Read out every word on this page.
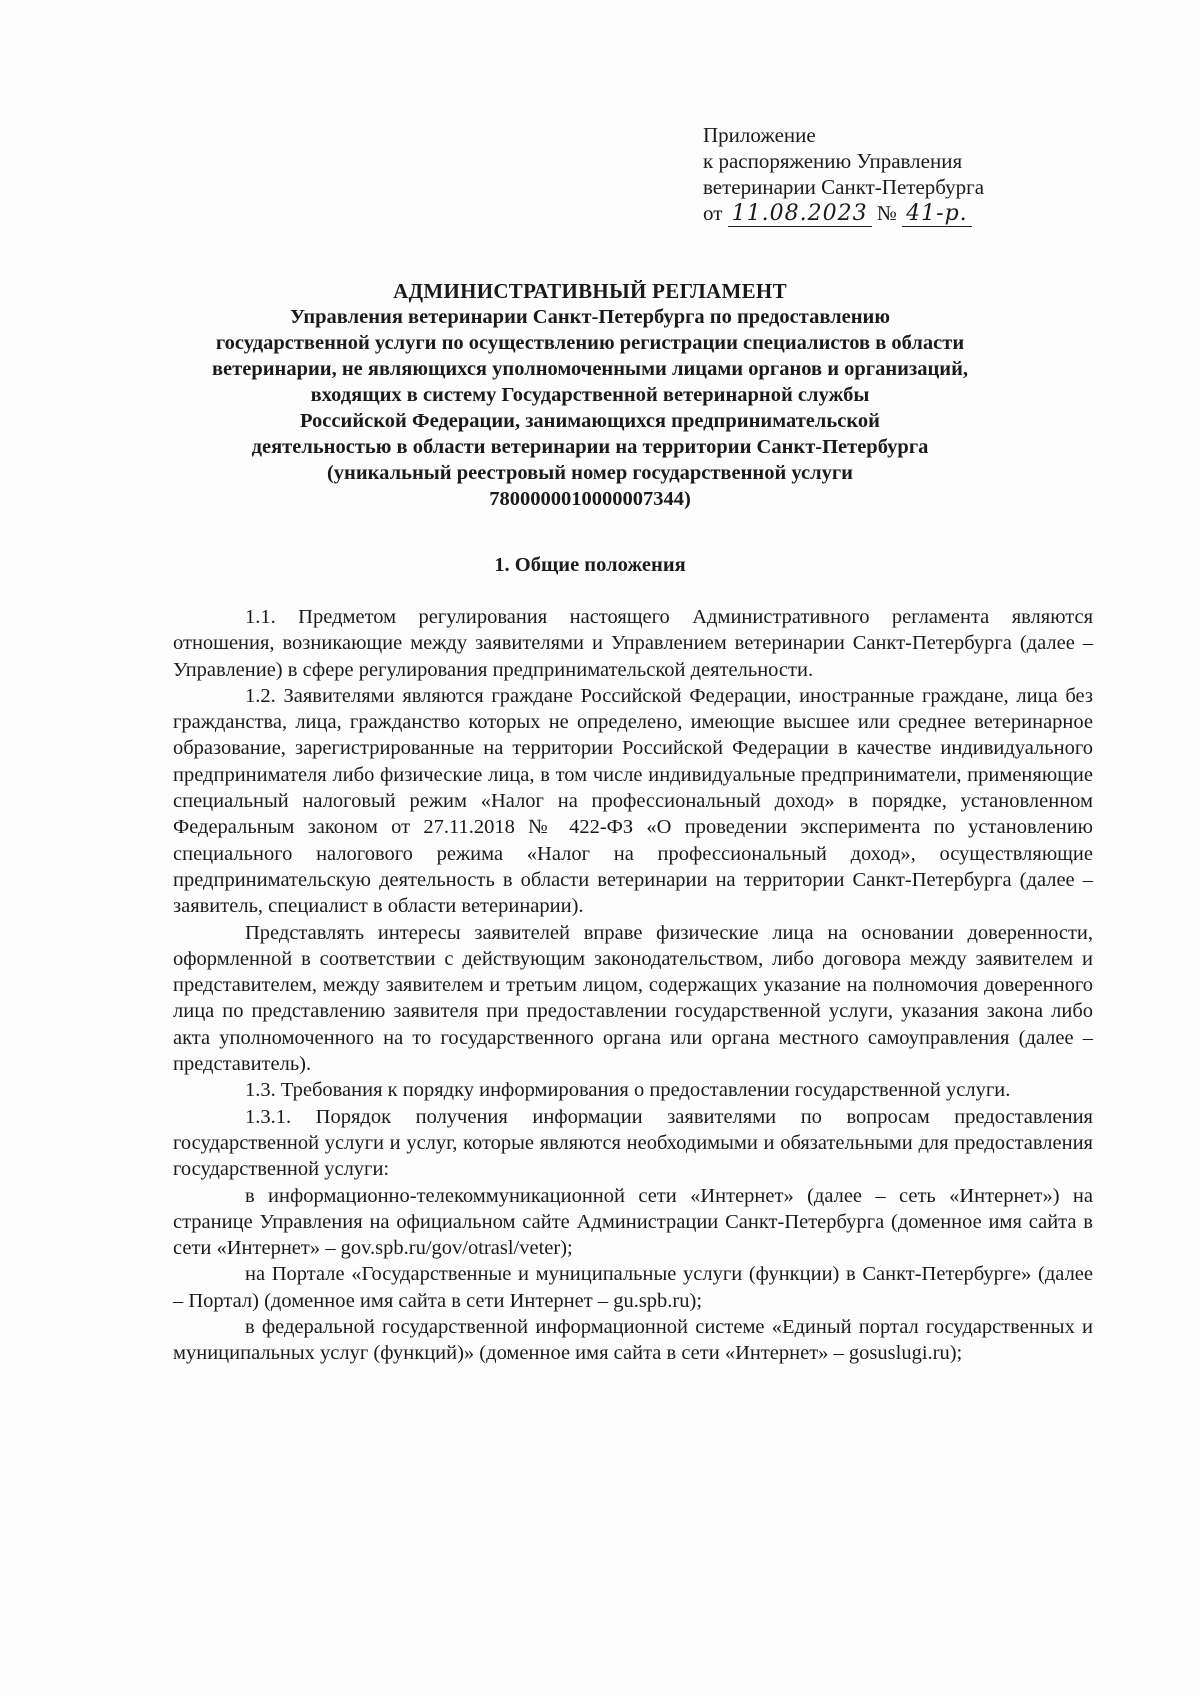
Приложение
к распоряжению Управления
ветеринарии Санкт-Петербурга
от 11.08.2023 № 41-р.
АДМИНИСТРАТИВНЫЙ РЕГЛАМЕНТ
Управления ветеринарии Санкт-Петербурга по предоставлению
государственной услуги по осуществлению регистрации специалистов в области
ветеринарии, не являющихся уполномоченными лицами органов и организаций,
входящих в систему Государственной ветеринарной службы
Российской Федерации, занимающихся предпринимательской
деятельностью в области ветеринарии на территории Санкт-Петербурга
(уникальный реестровый номер государственной услуги
7800000010000007344)
1. Общие положения

1.1. Предметом регулирования настоящего Административного регламента являются отношения, возникающие между заявителями и Управлением ветеринарии Санкт-Петербурга (далее – Управление) в сфере регулирования предпринимательской деятельности.

1.2. Заявителями являются граждане Российской Федерации, иностранные граждане, лица без гражданства, лица, гражданство которых не определено, имеющие высшее или среднее ветеринарное образование, зарегистрированные на территории Российской Федерации в качестве индивидуального предпринимателя либо физические лица, в том числе индивидуальные предприниматели, применяющие специальный налоговый режим «Налог на профессиональный доход» в порядке, установленном Федеральным законом от 27.11.2018 № 422-ФЗ «О проведении эксперимента по установлению специального налогового режима «Налог на профессиональный доход», осуществляющие предпринимательскую деятельность в области ветеринарии на территории Санкт-Петербурга (далее – заявитель, специалист в области ветеринарии).

Представлять интересы заявителей вправе физические лица на основании доверенности, оформленной в соответствии с действующим законодательством, либо договора между заявителем и представителем, между заявителем и третьим лицом, содержащих указание на полномочия доверенного лица по представлению заявителя при предоставлении государственной услуги, указания закона либо акта уполномоченного на то государственного органа или органа местного самоуправления (далее – представитель).

1.3. Требования к порядку информирования о предоставлении государственной услуги.

1.3.1. Порядок получения информации заявителями по вопросам предоставления государственной услуги и услуг, которые являются необходимыми и обязательными для предоставления государственной услуги:

в информационно-телекоммуникационной сети «Интернет» (далее – сеть «Интернет») на странице Управления на официальном сайте Администрации Санкт-Петербурга (доменное имя сайта в сети «Интернет» – gov.spb.ru/gov/otrasl/veter);

на Портале «Государственные и муниципальные услуги (функции) в Санкт-Петербурге» (далее – Портал) (доменное имя сайта в сети Интернет – gu.spb.ru);

в федеральной государственной информационной системе «Единый портал государственных и муниципальных услуг (функций)» (доменное имя сайта в сети «Интернет» – gosuslugi.ru);
